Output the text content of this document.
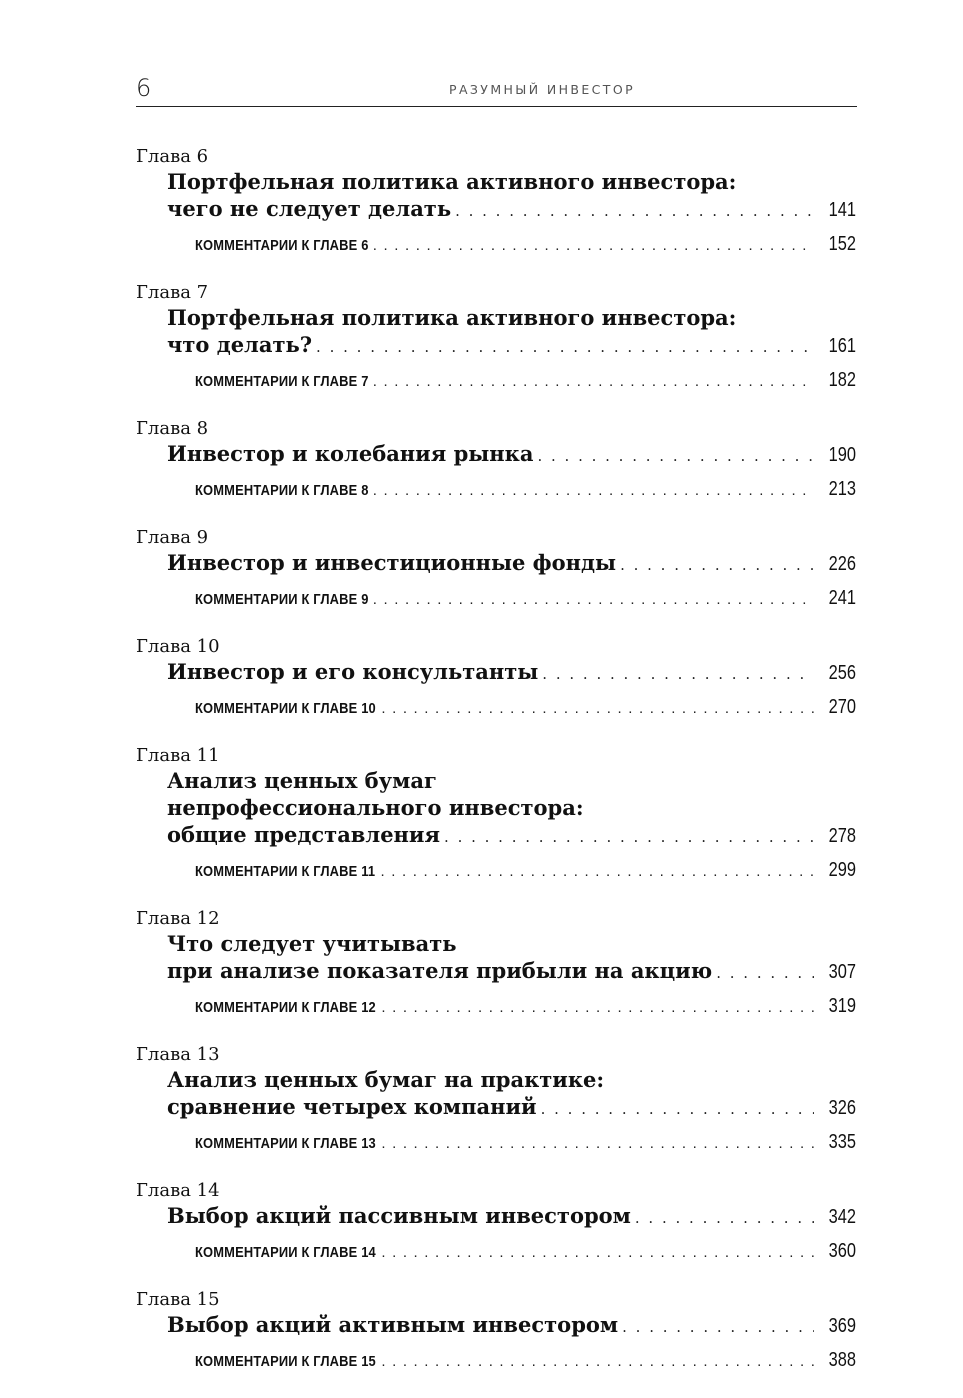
6	РАЗУМНЫЙ ИНВЕСТОР
Глава 6
Портфельная политика активного инвестора:
чего не следует делать . . .	141
КОММЕНТАРИИ К ГЛАВЕ 6 . . .	152
Глава 7
Портфельная политика активного инвестора:
что делать? . . .	161
КОММЕНТАРИИ К ГЛАВЕ 7 . . .	182
Глава 8
Инвестор и колебания рынка . . .	190
КОММЕНТАРИИ К ГЛАВЕ 8 . . .	213
Глава 9
Инвестор и инвестиционные фонды . . .	226
КОММЕНТАРИИ К ГЛАВЕ 9 . . .	241
Глава 10
Инвестор и его консультанты . . .	256
КОММЕНТАРИИ К ГЛАВЕ 10 . . .	270
Глава 11
Анализ ценных бумаг
непрофессионального инвестора:
общие представления . . .	278
КОММЕНТАРИИ К ГЛАВЕ 11 . . .	299
Глава 12
Что следует учитывать
при анализе показателя прибыли на акцию . . .	307
КОММЕНТАРИИ К ГЛАВЕ 12 . . .	319
Глава 13
Анализ ценных бумаг на практике:
сравнение четырех компаний . . .	326
КОММЕНТАРИИ К ГЛАВЕ 13 . . .	335
Глава 14
Выбор акций пассивным инвестором . . .	342
КОММЕНТАРИИ К ГЛАВЕ 14 . . .	360
Глава 15
Выбор акций активным инвестором . . .	369
КОММЕНТАРИИ К ГЛАВЕ 15 . . .	388
